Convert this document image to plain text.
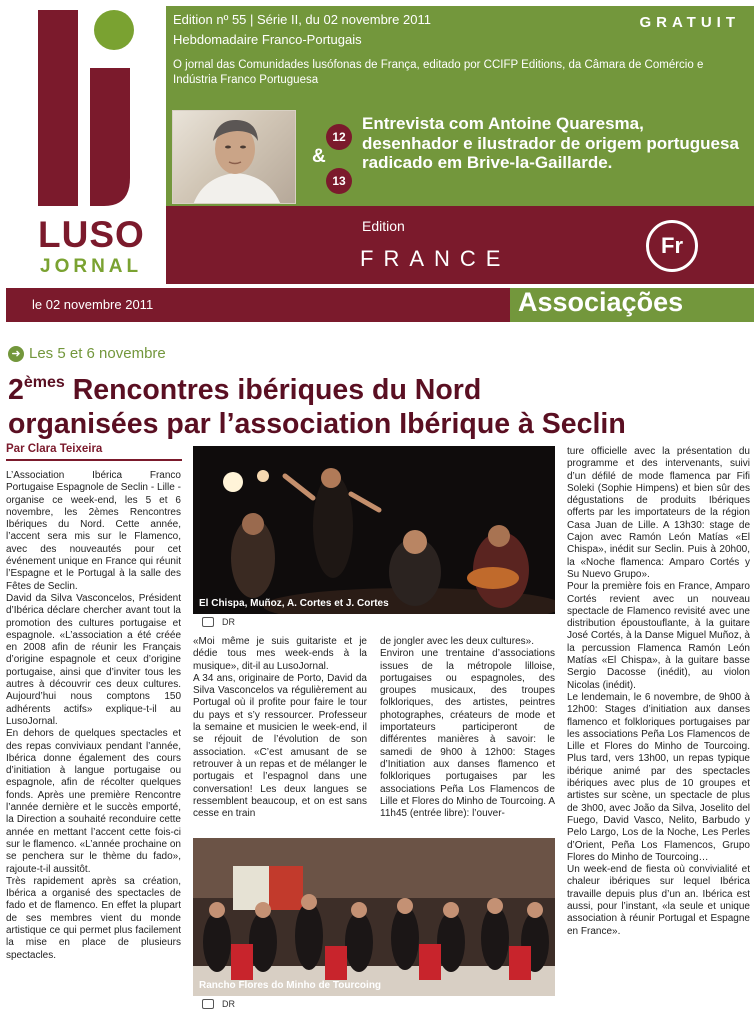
LUSO
JORNAL
Edition nº 55 | Série II, du 02 novembre 2011
Hebdomadaire Franco-Portugais
GRATUIT
O jornal das Comunidades lusófonas de França, editado por CCIFP Editions, da Câmara de Comércio e Indústria Franco Portuguesa
12
&
13
Entrevista com Antoine Quaresma, desenhador e ilustrador de origem portuguesa radicado em Brive-la-Gaillarde.
Edition
FRANCE
Fr
le 02 novembre 2011	Associações
➜ Les 5 et 6 novembre
2èmes Rencontres ibériques du Nord
organisées par l’association Ibérique à Seclin
Par Clara Teixeira

L’Association Ibérica Franco Portugaise Espagnole de Seclin - Lille - organise ce week-end, les 5 et 6 novembre, les 2èmes Rencontres Ibériques du Nord. Cette année, l’accent sera mis sur le Flamenco, avec des nouveautés pour cet événement unique en France qui réunit l’Espagne et le Portugal à la salle des Fêtes de Seclin.

David da Silva Vasconcelos, Président d’Ibérica déclare chercher avant tout la promotion des cultures portugaise et espagnole. «L’association a été créée en 2008 afin de réunir les Français d’origine espagnole et ceux d’origine portugaise, ainsi que d’inviter tous les autres à découvrir ces deux cultures. Aujourd’hui nous comptons 150 adhérents actifs» explique-t-il au LusoJornal.

En dehors de quelques spectacles et des repas conviviaux pendant l’année, Ibérica donne également des cours d’initiation à langue portugaise ou espagnole, afin de récolter quelques fonds. Après une première Rencontre l’année dernière et le succès emporté, la Direction a souhaité reconduire cette année en mettant l’accent cette fois-ci sur le flamenco. «L’année prochaine on se penchera sur le thème du fado», rajoute-t-il aussitôt.

Très rapidement après sa création, Ibérica a organisé des spectacles de fado et de flamenco. En effet la plupart de ses membres vient du monde artistique ce qui permet plus facilement la mise en place de plusieurs spectacles.

El Chispa, Muñoz, A. Cortes et J. Cortes
DR

«Moi même je suis guitariste et je dédie tous mes week-ends à la musique», dit-il au LusoJornal.

A 34 ans, originaire de Porto, David da Silva Vasconcelos va régulièrement au Portugal où il profite pour faire le tour du pays et s’y ressourcer. Professeur la semaine et musicien le week-end, il se réjouit de l’évolution de son association. «C’est amusant de se retrouver à un repas et de mélanger le portugais et l’espagnol dans une conversation! Les deux langues se ressemblent beaucoup, et on est sans cesse en train

de jongler avec les deux cultures».

Environ une trentaine d’associations issues de la métropole lilloise, portugaises ou espagnoles, des groupes musicaux, des troupes folkloriques, des artistes, peintres photographes, créateurs de mode et importateurs participeront de différentes manières à savoir: le samedi de 9h00 à 12h00: Stages d’Initiation aux danses flamenco et folkloriques portugaises par les associations Peña Los Flamencos de Lille et Flores do Minho de Tourcoing. A 11h45 (entrée libre): l’ouver-

Rancho Flores do Minho de Tourcoing
DR

ture officielle avec la présentation du programme et des intervenants, suivi d’un défilé de mode flamenca par Fifi Soleki (Sophie Himpens) et bien sûr des dégustations de produits Ibériques offerts par les importateurs de la région Casa Juan de Lille. A 13h30: stage de Cajon avec Ramón León Matías «El Chispa», inédit sur Seclin. Puis à 20h00, la «Noche flamenca: Amparo Cortés y Su Nuevo Grupo».

Pour la première fois en France, Amparo Cortés revient avec un nouveau spectacle de Flamenco revisité avec une distribution époustouflante, à la guitare José Cortés, à la Danse Miguel Muñoz, à la percussion Flamenca Ramón León Matías «El Chispa», à la guitare basse Sergio Dacosse (inédit), au violon Nicolas (inédit).

Le lendemain, le 6 novembre, de 9h00 à 12h00: Stages d’initiation aux danses flamenco et folkloriques portugaises par les associations Peña Los Flamencos de Lille et Flores do Minho de Tourcoing. Plus tard, vers 13h00, un repas typique ibérique animé par des spectacles ibériques avec plus de 10 groupes et artistes sur scène, un spectacle de plus de 3h00, avec João da Silva, Joselito del Fuego, David Vasco, Nelito, Barbudo y Pelo Largo, Los de la Noche, Les Perles d’Orient, Peña Los Flamencos, Grupo Flores do Minho de Tourcoing…

Un week-end de fiesta où convivialité et chaleur ibériques sur lequel Ibérica travaille depuis plus d’un an. Ibérica est aussi, pour l’instant, «la seule et unique association à réunir Portugal et Espagne en France».
